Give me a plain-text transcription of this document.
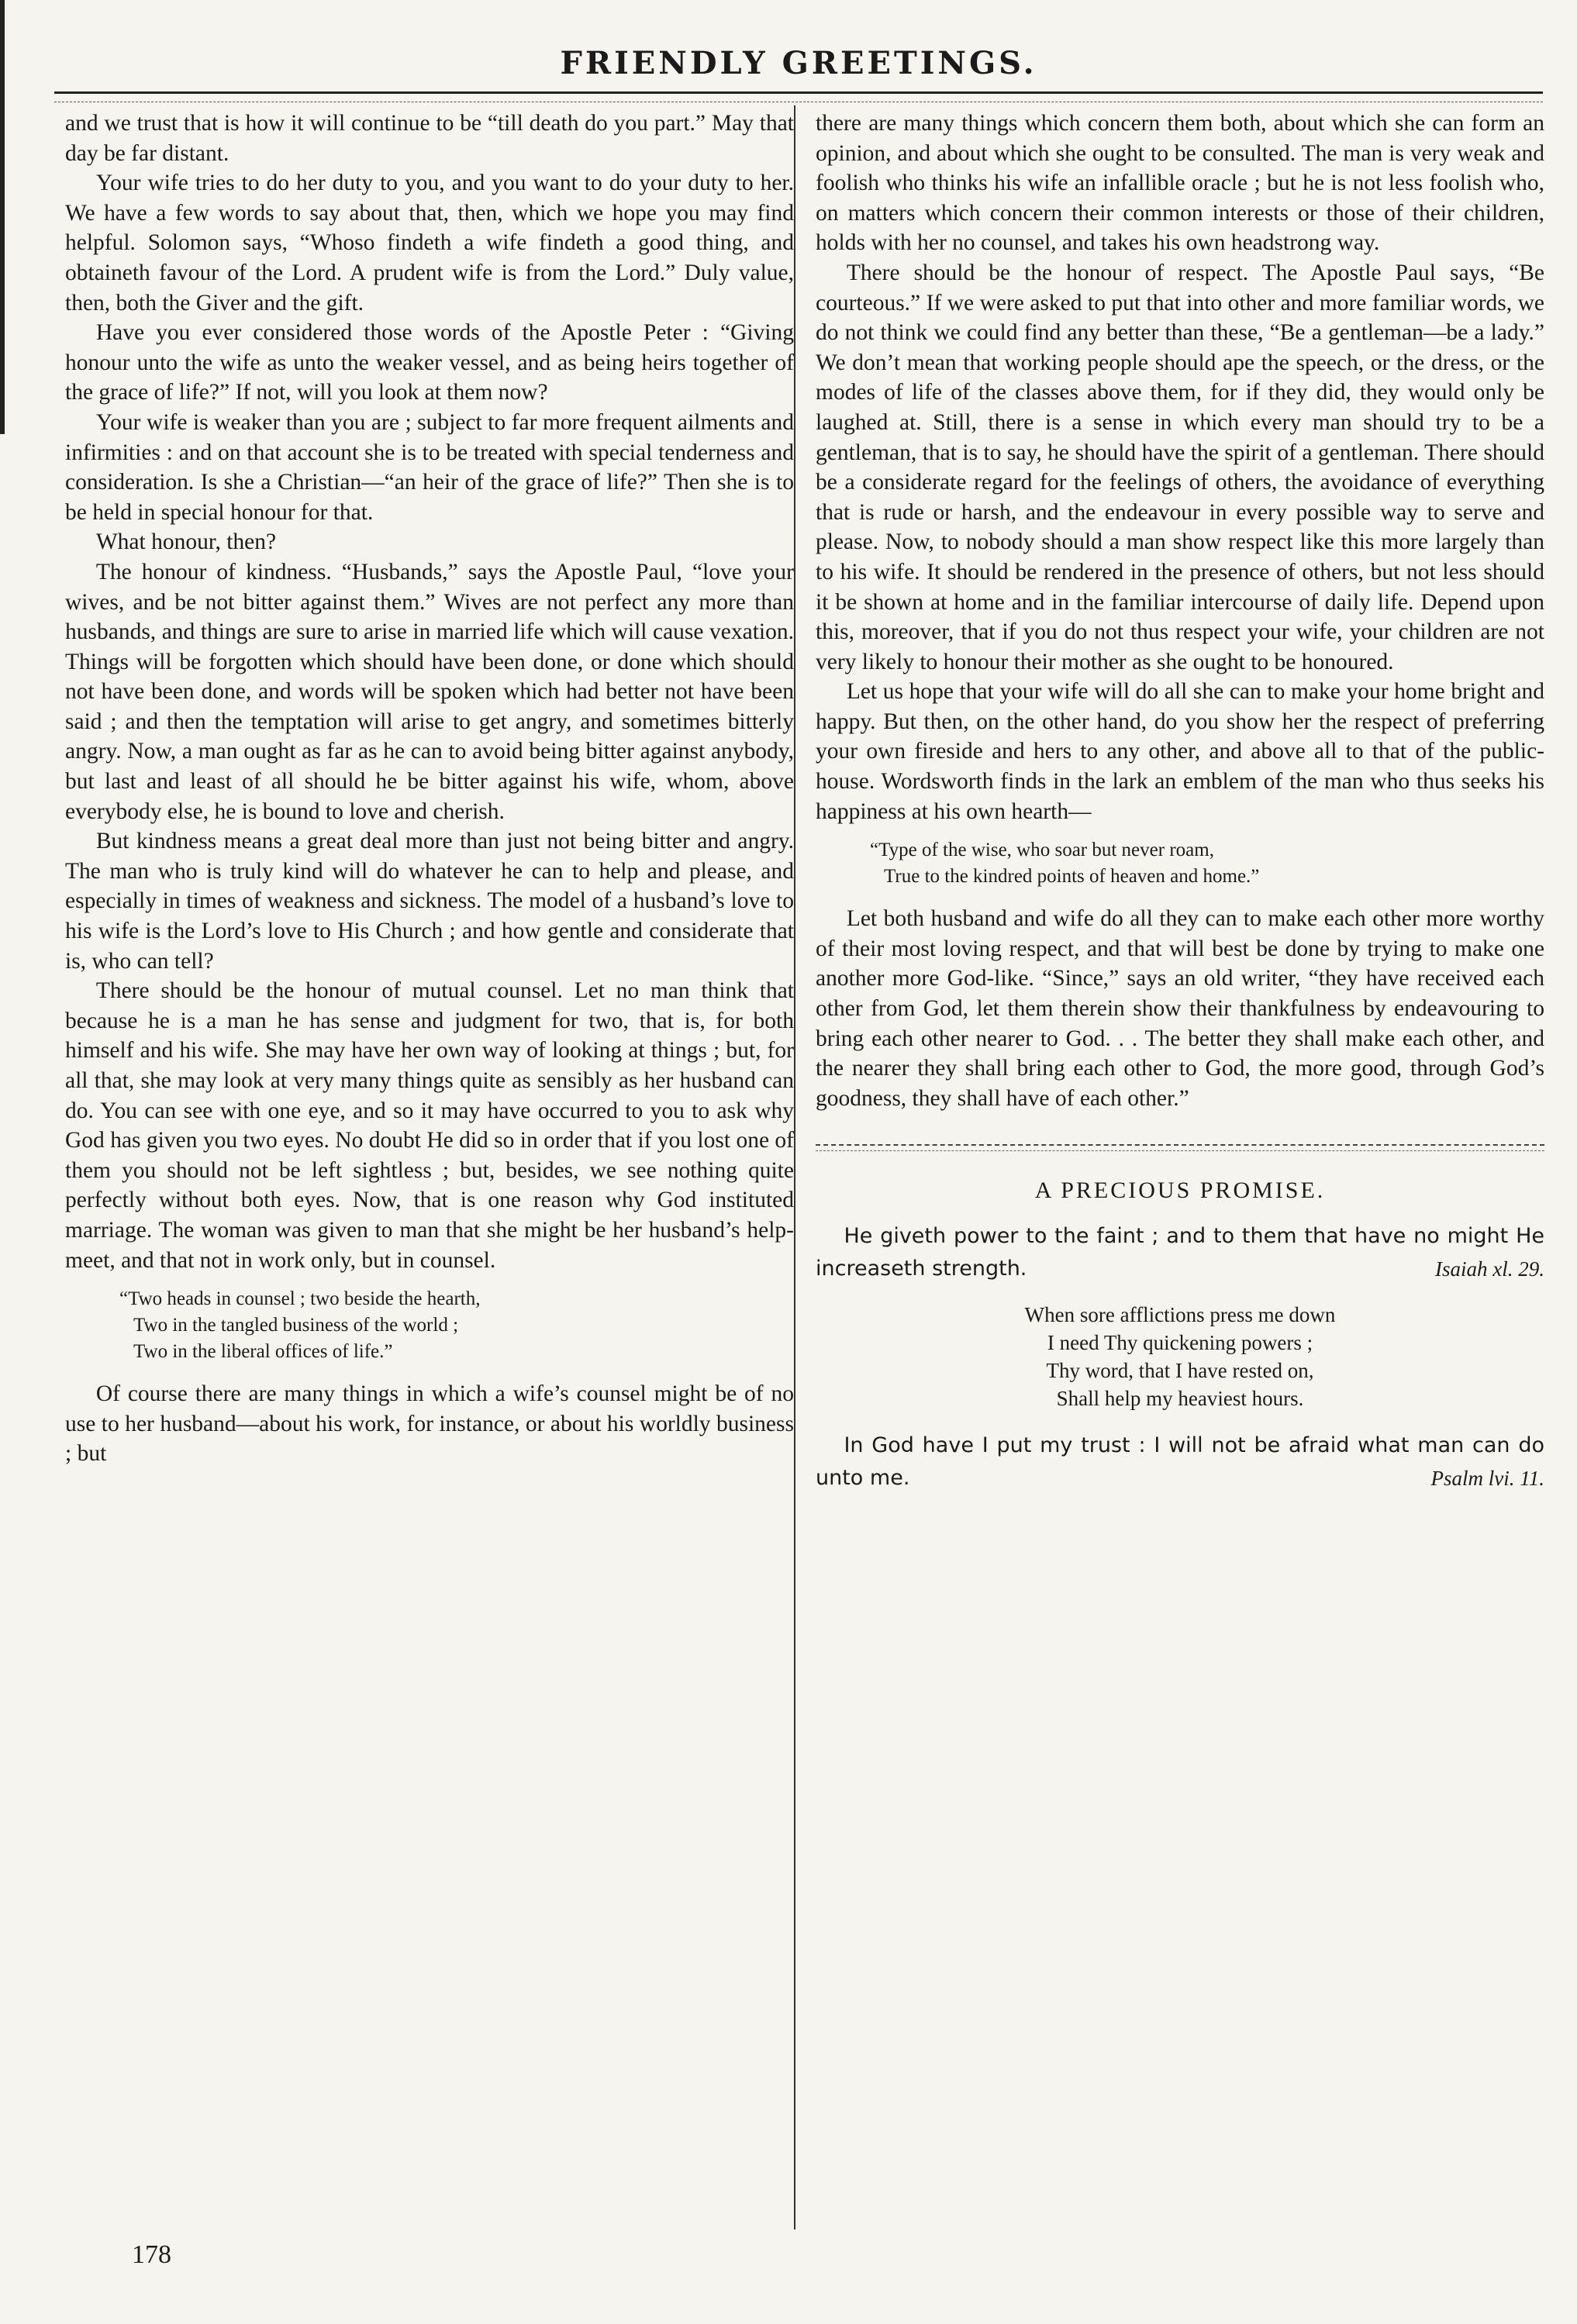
FRIENDLY GREETINGS.

and we trust that is how it will continue to be “till death do you part.” May that day be far distant.

Your wife tries to do her duty to you, and you want to do your duty to her. We have a few words to say about that, then, which we hope you may find helpful. Solomon says, “Whoso findeth a wife findeth a good thing, and obtaineth favour of the Lord. A prudent wife is from the Lord.” Duly value, then, both the Giver and the gift.

Have you ever considered those words of the Apostle Peter : “Giving honour unto the wife as unto the weaker vessel, and as being heirs together of the grace of life?” If not, will you look at them now?

Your wife is weaker than you are ; subject to far more frequent ailments and infirmities : and on that account she is to be treated with special tenderness and consideration. Is she a Christian—“an heir of the grace of life?” Then she is to be held in special honour for that.

What honour, then?

The honour of kindness. “Husbands,” says the Apostle Paul, “love your wives, and be not bitter against them.” Wives are not perfect any more than husbands, and things are sure to arise in married life which will cause vexation. Things will be forgotten which should have been done, or done which should not have been done, and words will be spoken which had better not have been said ; and then the temptation will arise to get angry, and sometimes bitterly angry. Now, a man ought as far as he can to avoid being bitter against anybody, but last and least of all should he be bitter against his wife, whom, above everybody else, he is bound to love and cherish.

But kindness means a great deal more than just not being bitter and angry. The man who is truly kind will do whatever he can to help and please, and especially in times of weakness and sickness. The model of a husband’s love to his wife is the Lord’s love to His Church ; and how gentle and considerate that is, who can tell?

There should be the honour of mutual counsel. Let no man think that because he is a man he has sense and judgment for two, that is, for both himself and his wife. She may have her own way of looking at things ; but, for all that, she may look at very many things quite as sensibly as her husband can do. You can see with one eye, and so it may have occurred to you to ask why God has given you two eyes. No doubt He did so in order that if you lost one of them you should not be left sightless ; but, besides, we see nothing quite perfectly without both eyes. Now, that is one reason why God instituted marriage. The woman was given to man that she might be her husband’s help-meet, and that not in work only, but in counsel.

“Two heads in counsel ; two beside the hearth,
Two in the tangled business of the world ;
Two in the liberal offices of life.”

Of course there are many things in which a wife’s counsel might be of no use to her husband—about his work, for instance, or about his worldly business ; but

there are many things which concern them both, about which she can form an opinion, and about which she ought to be consulted. The man is very weak and foolish who thinks his wife an infallible oracle ; but he is not less foolish who, on matters which concern their common interests or those of their children, holds with her no counsel, and takes his own headstrong way.

There should be the honour of respect. The Apostle Paul says, “Be courteous.” If we were asked to put that into other and more familiar words, we do not think we could find any better than these, “Be a gentleman—be a lady.” We don’t mean that working people should ape the speech, or the dress, or the modes of life of the classes above them, for if they did, they would only be laughed at. Still, there is a sense in which every man should try to be a gentleman, that is to say, he should have the spirit of a gentleman. There should be a considerate regard for the feelings of others, the avoidance of everything that is rude or harsh, and the endeavour in every possible way to serve and please. Now, to nobody should a man show respect like this more largely than to his wife. It should be rendered in the presence of others, but not less should it be shown at home and in the familiar intercourse of daily life. Depend upon this, moreover, that if you do not thus respect your wife, your children are not very likely to honour their mother as she ought to be honoured.

Let us hope that your wife will do all she can to make your home bright and happy. But then, on the other hand, do you show her the respect of preferring your own fireside and hers to any other, and above all to that of the public-house. Wordsworth finds in the lark an emblem of the man who thus seeks his happiness at his own hearth—

“Type of the wise, who soar but never roam,
True to the kindred points of heaven and home.”

Let both husband and wife do all they can to make each other more worthy of their most loving respect, and that will best be done by trying to make one another more God-like. “Since,” says an old writer, “they have received each other from God, let them therein show their thankfulness by endeavouring to bring each other nearer to God. . . The better they shall make each other, and the nearer they shall bring each other to God, the more good, through God’s goodness, they shall have of each other.”

A PRECIOUS PROMISE.

He giveth power to the faint ; and to them that have no might He increaseth strength.	Isaiah xl. 29.

When sore afflictions press me down
I need Thy quickening powers ;
Thy word, that I have rested on,
Shall help my heaviest hours.

In God have I put my trust : I will not be afraid what man can do unto me.	Psalm lvi. 11.

178
